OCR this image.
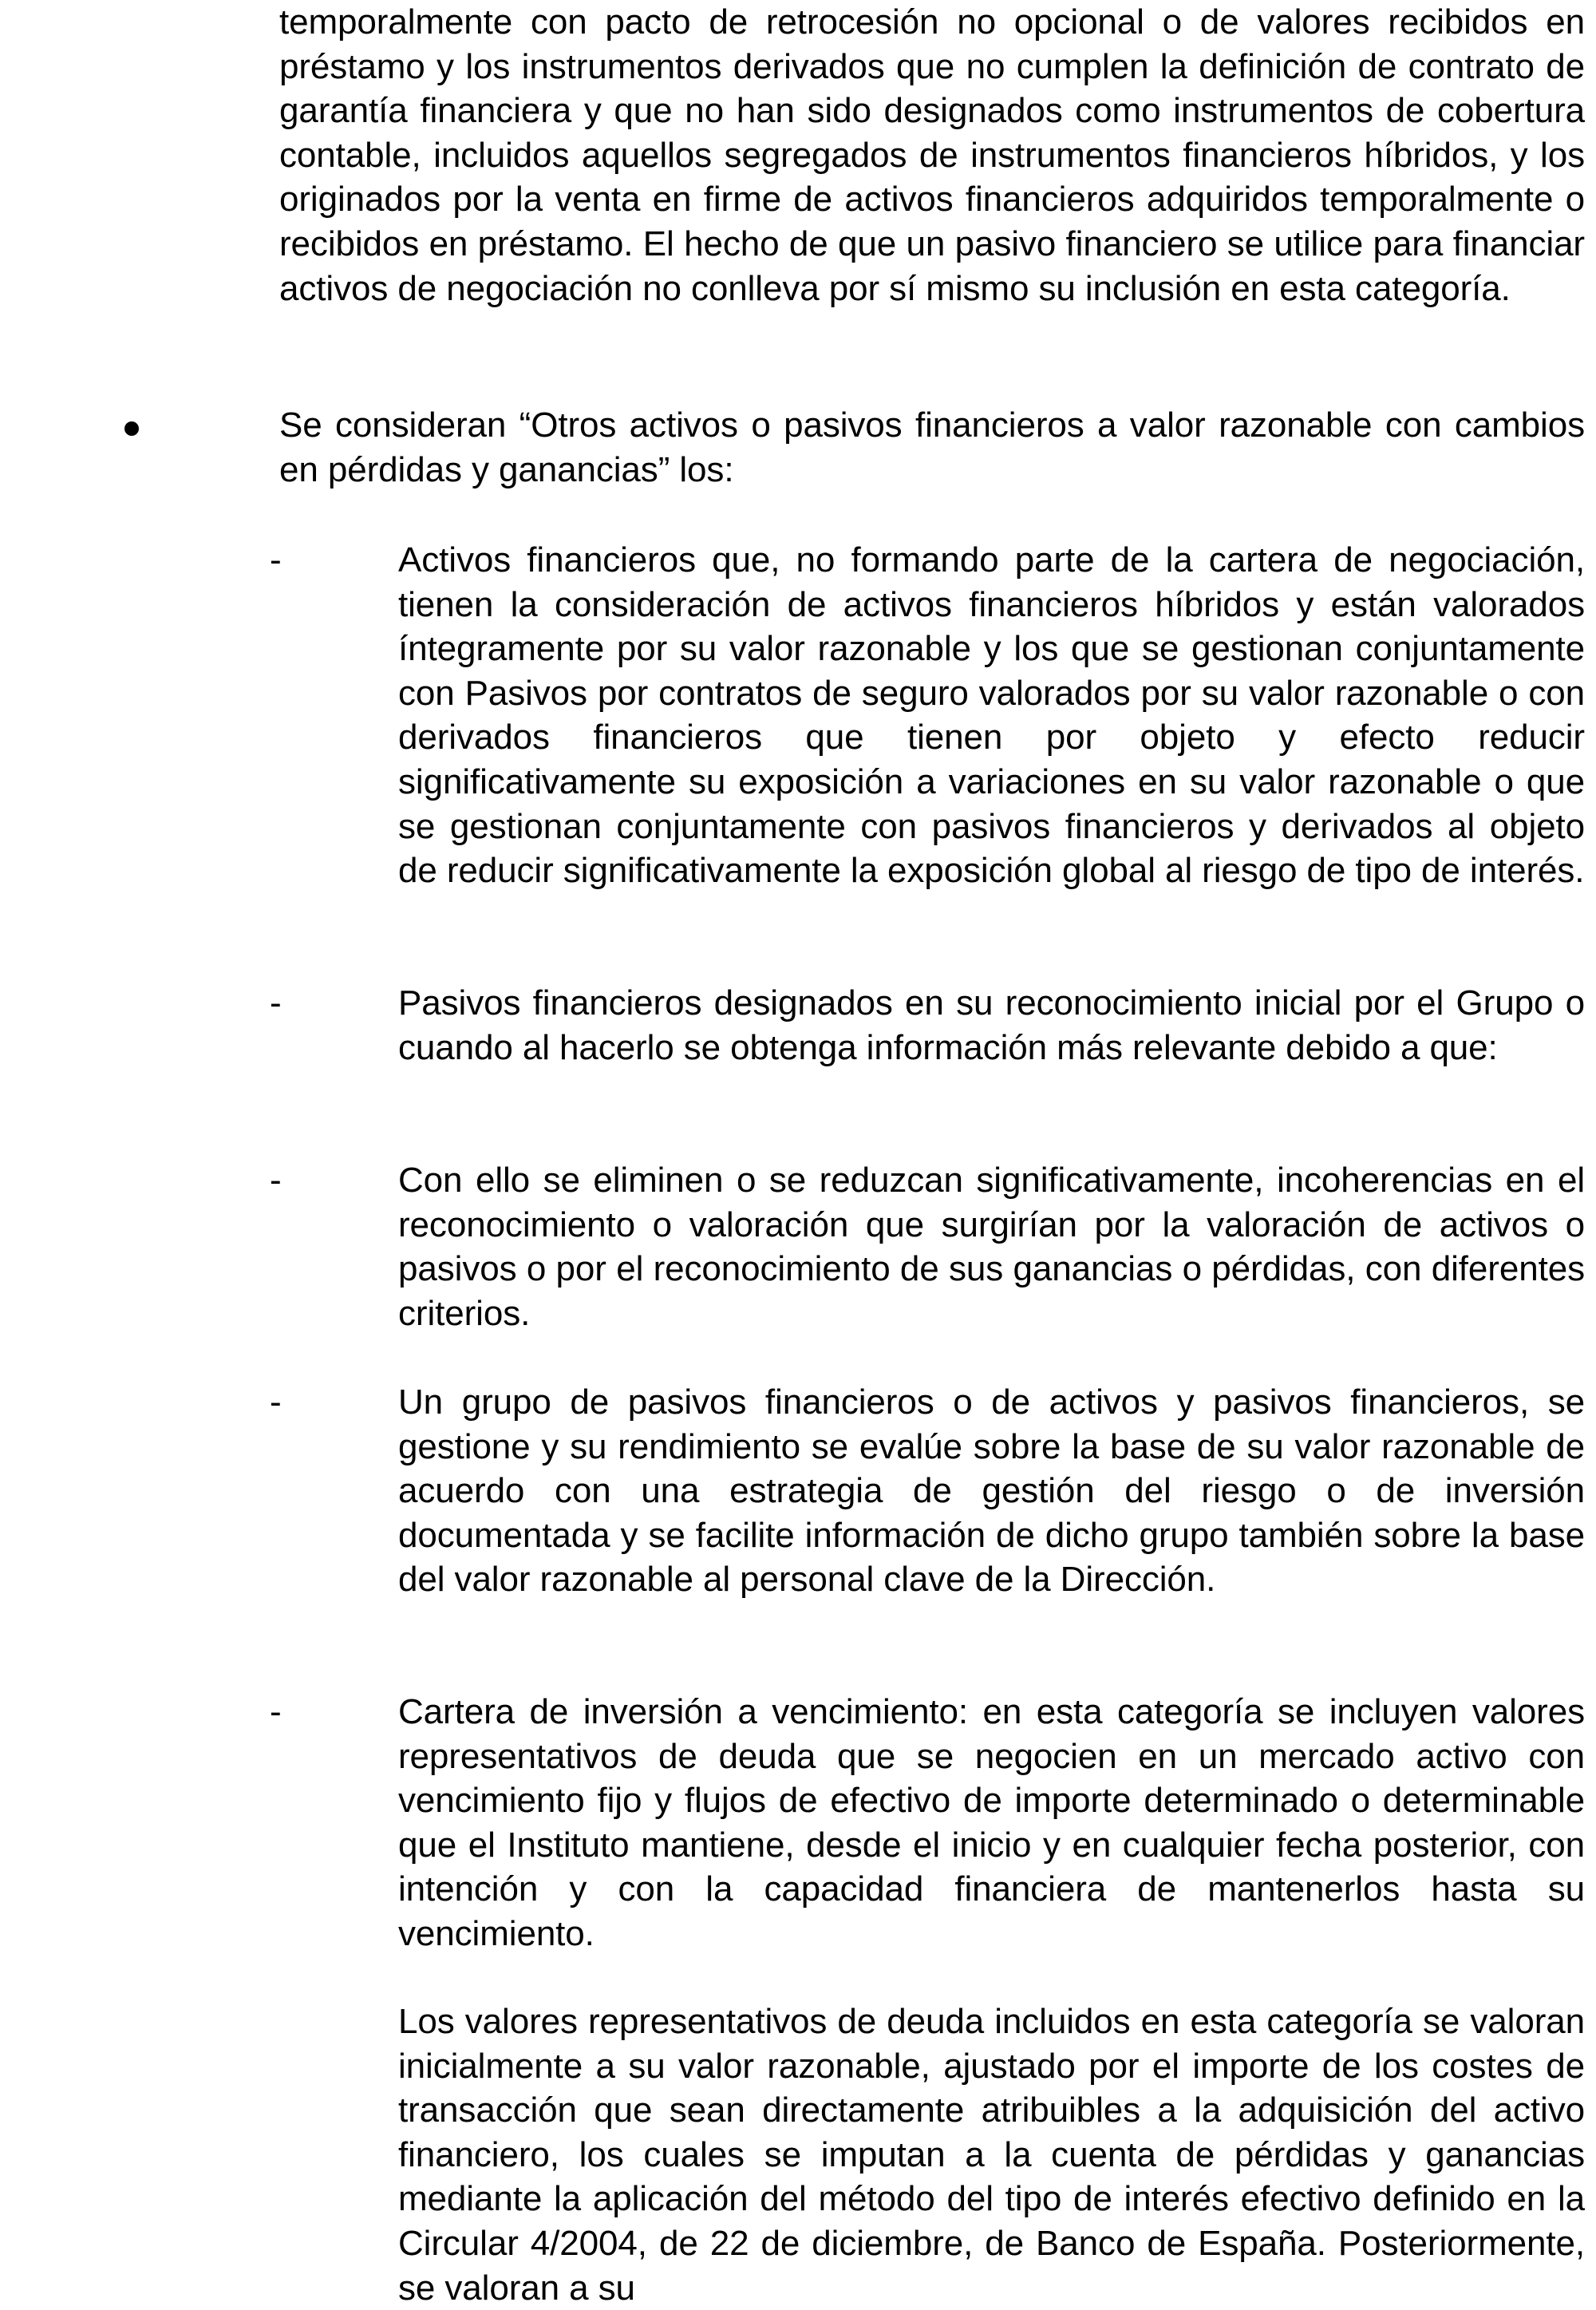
temporalmente con pacto de retrocesión no opcional o de valores recibidos en préstamo y los instrumentos derivados que no cumplen la definición de contrato de garantía financiera y que no han sido designados como instrumentos de cobertura contable, incluidos aquellos segregados de instrumentos financieros híbridos, y los originados por la venta en firme de activos financieros adquiridos temporalmente o recibidos en préstamo. El hecho de que un pasivo financiero se utilice para financiar activos de negociación no conlleva por sí mismo su inclusión en esta categoría.

Se consideran “Otros activos o pasivos financieros a valor razonable con cambios en pérdidas y ganancias” los:

-	Activos financieros que, no formando parte de la cartera de negociación, tienen la consideración de activos financieros híbridos y están valorados íntegramente por su valor razonable y los que se gestionan conjuntamente con Pasivos por contratos de seguro valorados por su valor razonable o con derivados financieros que tienen por objeto y efecto reducir significativamente su exposición a variaciones en su valor razonable o que se gestionan conjuntamente con pasivos financieros y derivados al objeto de reducir significativamente la exposición global al riesgo de tipo de interés.

-	Pasivos financieros designados en su reconocimiento inicial por el Grupo o cuando al hacerlo se obtenga información más relevante debido a que:

-	Con ello se eliminen o se reduzcan significativamente, incoherencias en el reconocimiento o valoración que surgirían por la valoración de activos o pasivos o por el reconocimiento de sus ganancias o pérdidas, con diferentes criterios.

-	Un grupo de pasivos financieros o de activos y pasivos financieros, se gestione y su rendimiento se evalúe sobre la base de su valor razonable de acuerdo con una estrategia de gestión del riesgo o de inversión documentada y se facilite información de dicho grupo también sobre la base del valor razonable al personal clave de la Dirección.

-	Cartera de inversión a vencimiento: en esta categoría se incluyen valores representativos de deuda que se negocien en un mercado activo con vencimiento fijo y flujos de efectivo de importe determinado o determinable que el Instituto mantiene, desde el inicio y en cualquier fecha posterior, con intención y con la capacidad financiera de mantenerlos hasta su vencimiento.

Los valores representativos de deuda incluidos en esta categoría se valoran inicialmente a su valor razonable, ajustado por el importe de los costes de transacción que sean directamente atribuibles a la adquisición del activo financiero, los cuales se imputan a la cuenta de pérdidas y ganancias mediante la aplicación del método del tipo de interés efectivo definido en la Circular 4/2004, de 22 de diciembre, de Banco de España. Posteriormente, se valoran a su
